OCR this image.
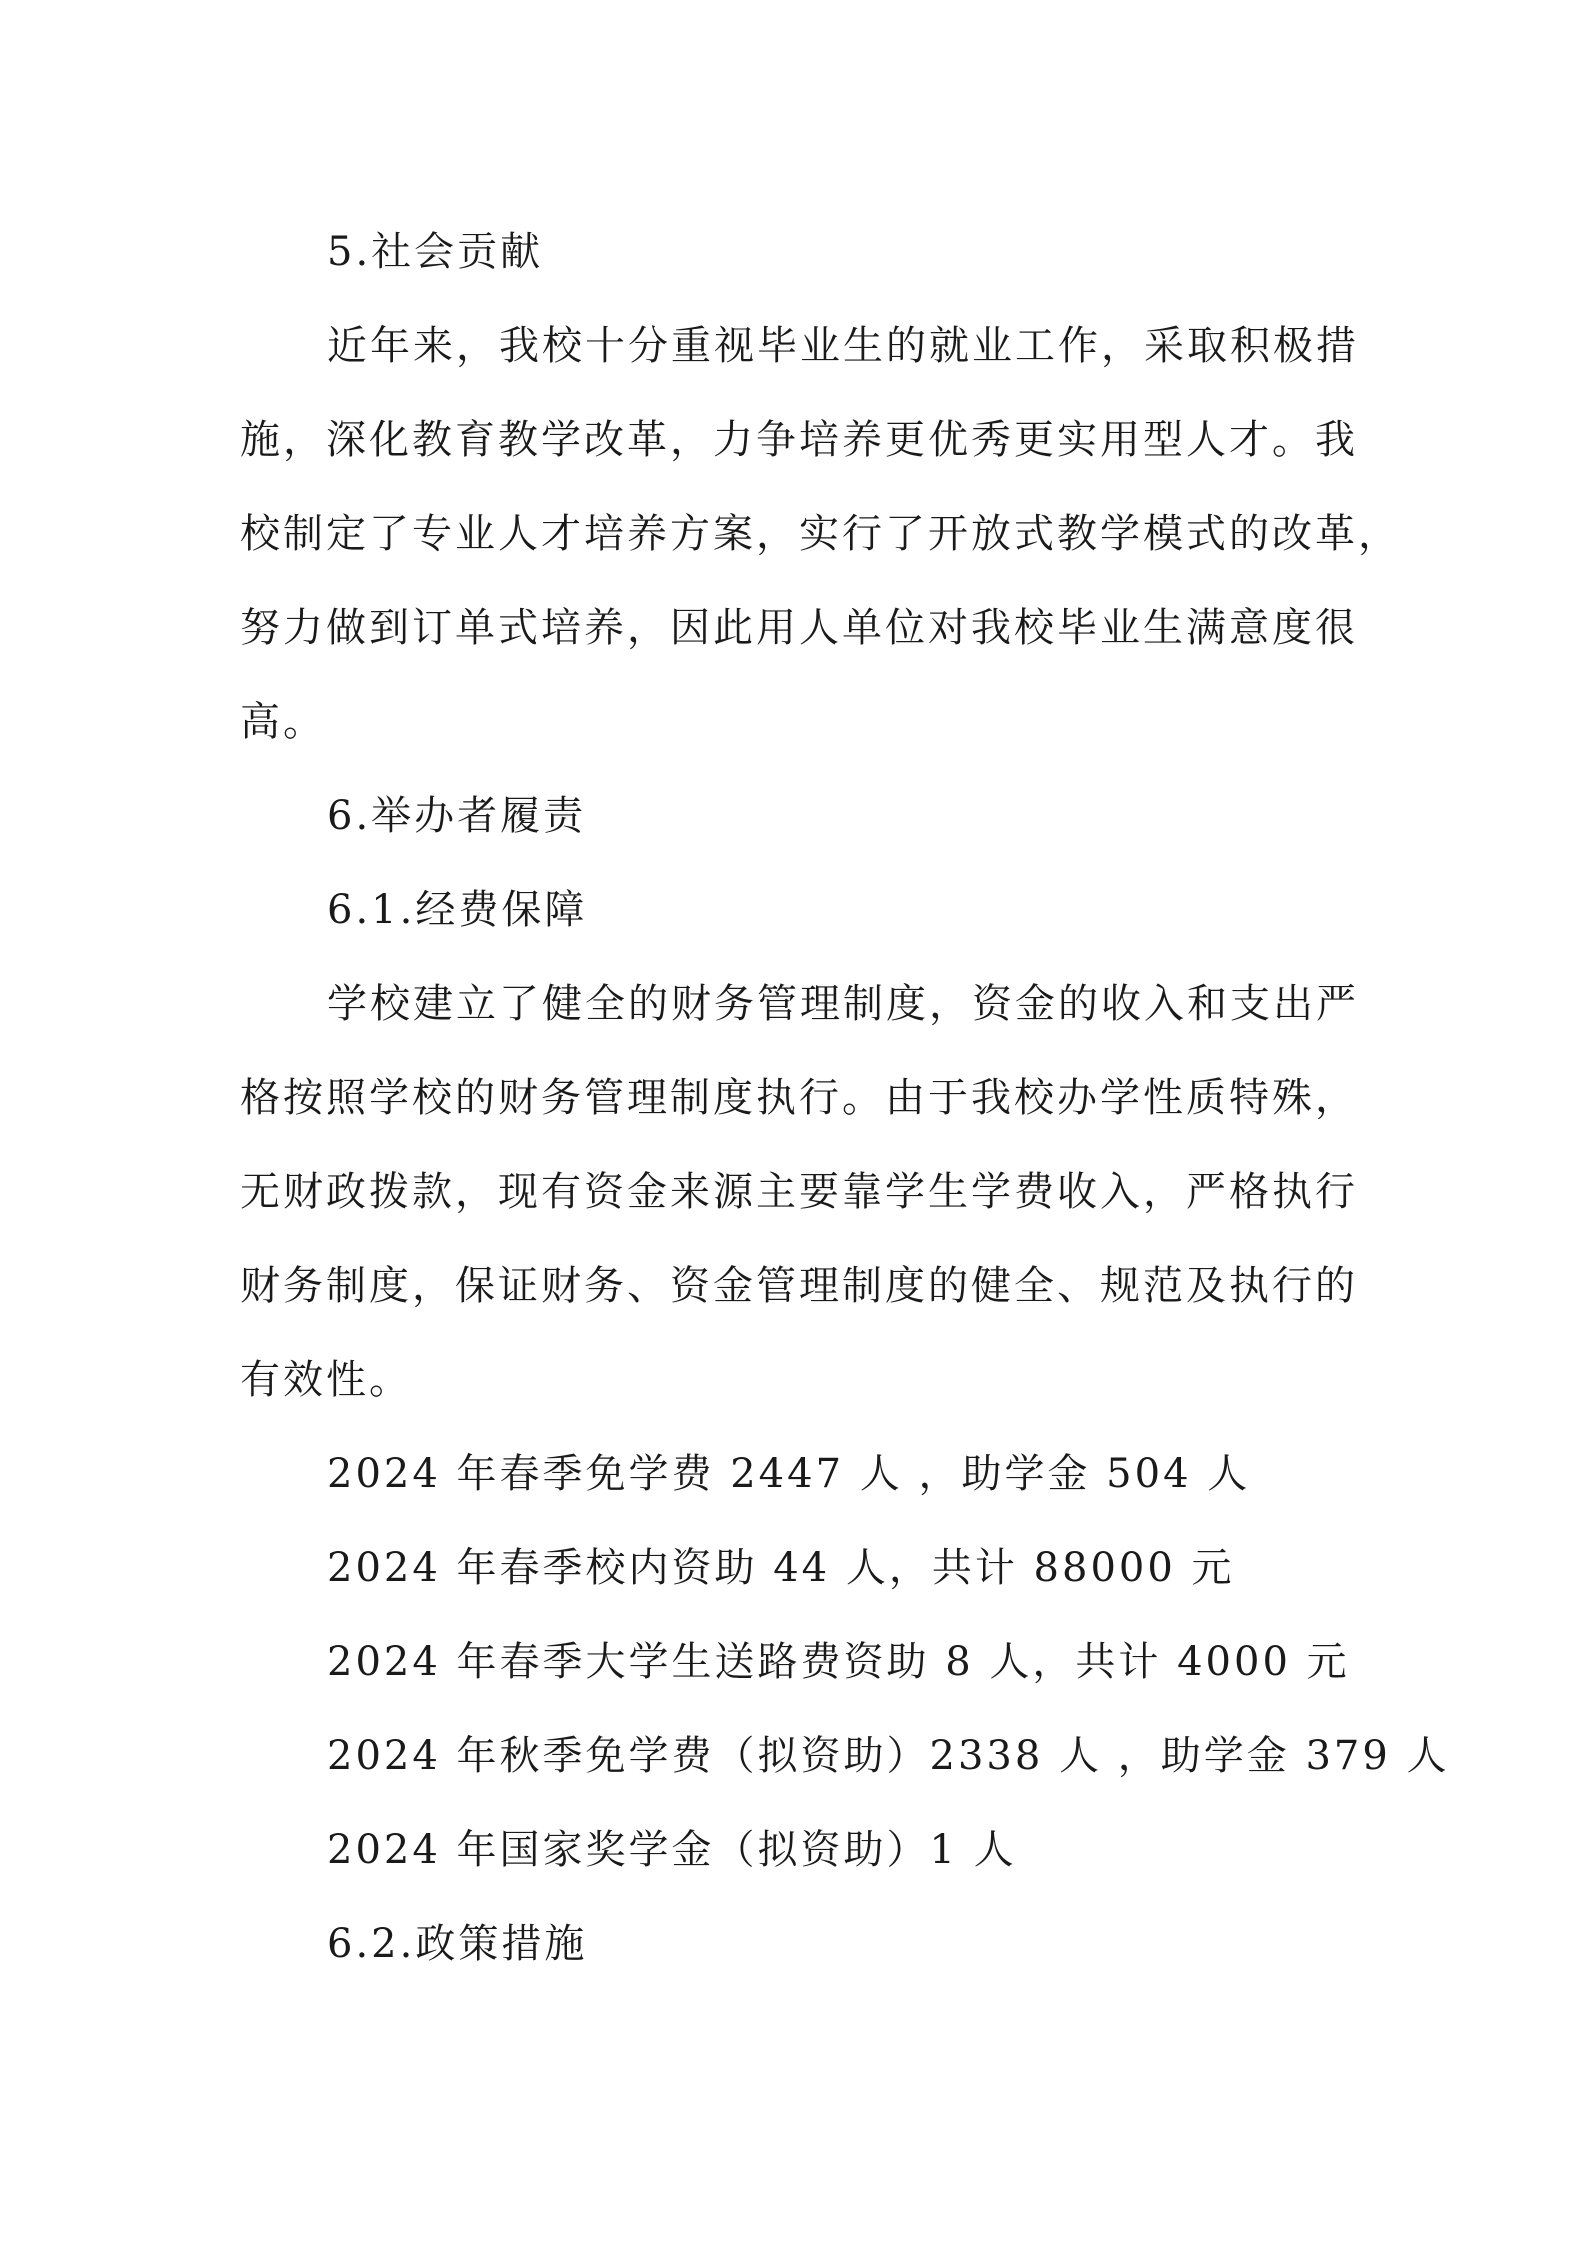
5.社会贡献
近年来，我校十分重视毕业生的就业工作，采取积极措
施，深化教育教学改革，力争培养更优秀更实用型人才。我
校制定了专业人才培养方案，实行了开放式教学模式的改革，
努力做到订单式培养，因此用人单位对我校毕业生满意度很
高。
6.举办者履责
6.1.经费保障
学校建立了健全的财务管理制度，资金的收入和支出严
格按照学校的财务管理制度执行。由于我校办学性质特殊，
无财政拨款，现有资金来源主要靠学生学费收入，严格执行
财务制度，保证财务、资金管理制度的健全、规范及执行的
有效性。
2024 年春季免学费 2447 人 ，助学金 504 人
2024 年春季校内资助 44 人，共计 88000 元
2024 年春季大学生送路费资助 8 人，共计 4000 元
2024 年秋季免学费（拟资助）2338 人 ，助学金 379 人
2024 年国家奖学金（拟资助）1 人
6.2.政策措施
